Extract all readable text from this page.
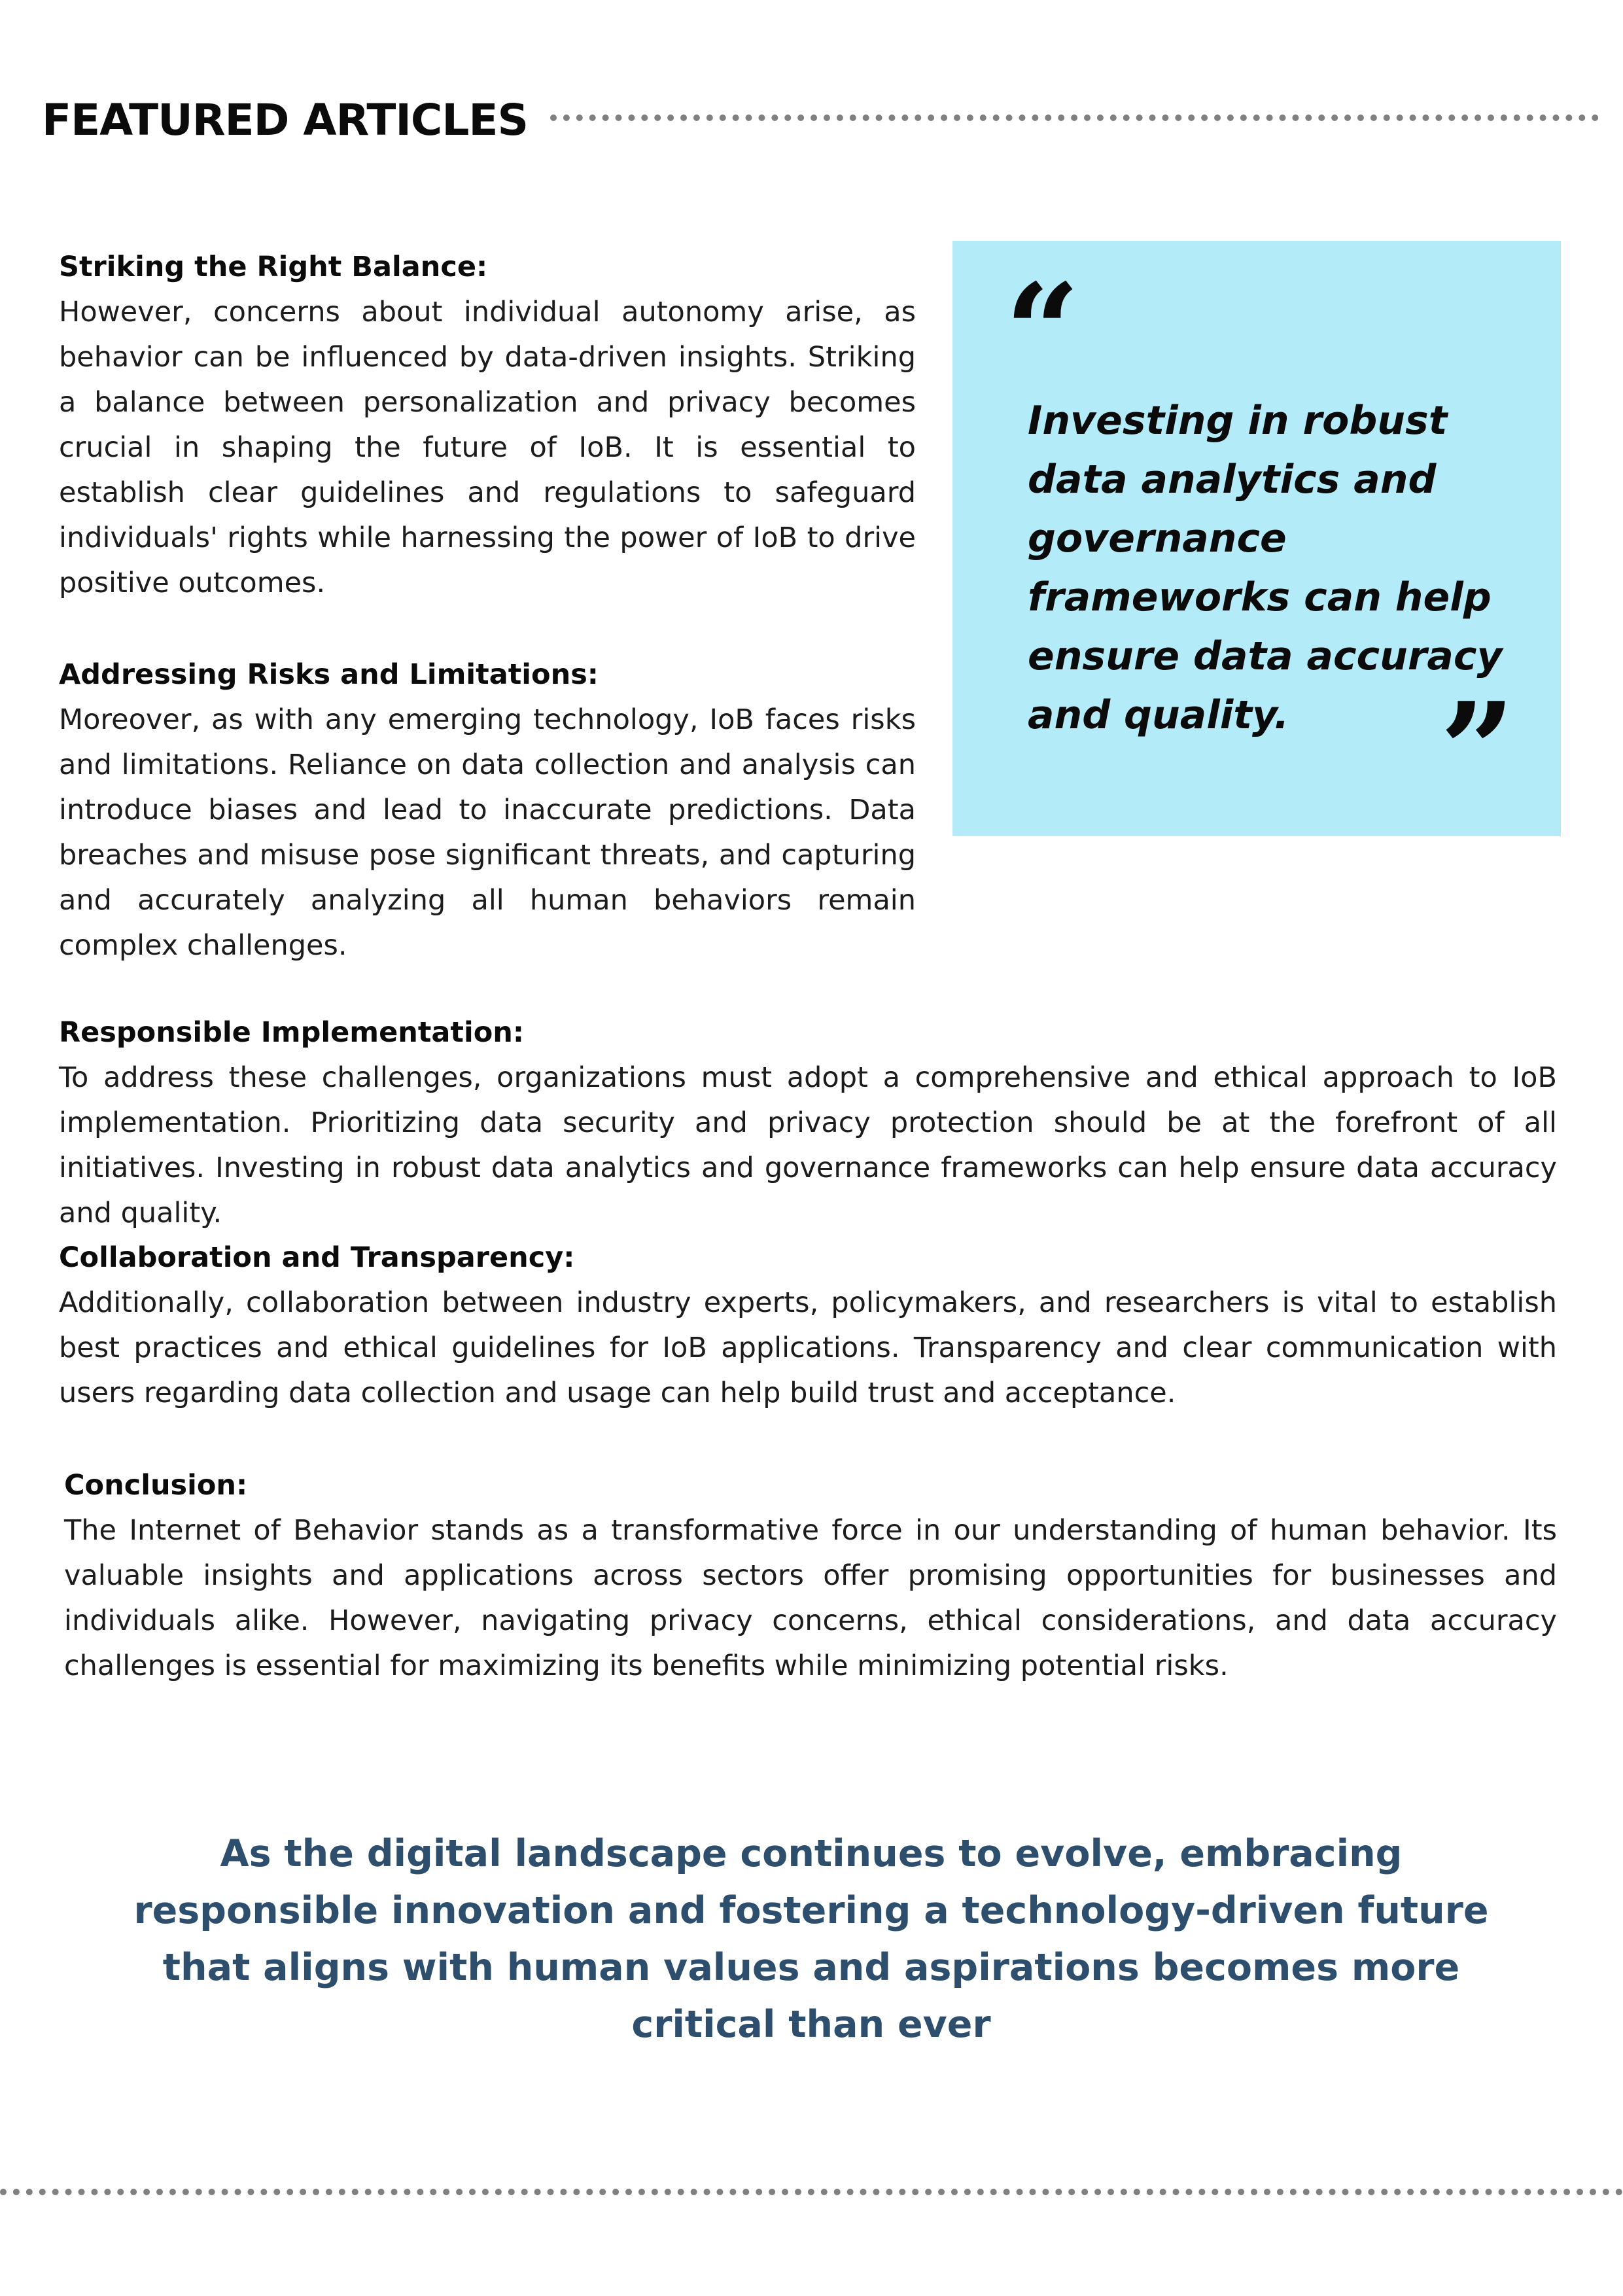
FEATURED ARTICLES

Striking the Right Balance:

However, concerns about individual autonomy arise, as behavior can be influenced by data-driven insights. Striking a balance between personalization and privacy becomes crucial in shaping the future of IoB. It is essential to establish clear guidelines and regulations to safeguard individuals' rights while harnessing the power of IoB to drive positive outcomes.

Addressing Risks and Limitations:

Moreover, as with any emerging technology, IoB faces risks and limitations. Reliance on data collection and analysis can introduce biases and lead to inaccurate predictions. Data breaches and misuse pose significant threats, and capturing and accurately analyzing all human behaviors remain complex challenges.

“

Investing in robust data analytics and governance frameworks can help ensure data accuracy and quality.	”

Responsible Implementation:

To address these challenges, organizations must adopt a comprehensive and ethical approach to IoB implementation. Prioritizing data security and privacy protection should be at the forefront of all initiatives. Investing in robust data analytics and governance frameworks can help ensure data accuracy and quality.

Collaboration and Transparency:

Additionally, collaboration between industry experts, policymakers, and researchers is vital to establish best practices and ethical guidelines for IoB applications. Transparency and clear communication with users regarding data collection and usage can help build trust and acceptance.

Conclusion:

The Internet of Behavior stands as a transformative force in our understanding of human behavior. Its valuable insights and applications across sectors offer promising opportunities for businesses and individuals alike. However, navigating privacy concerns, ethical considerations, and data accuracy challenges is essential for maximizing its benefits while minimizing potential risks.

As the digital landscape continues to evolve, embracing responsible innovation and fostering a technology-driven future that aligns with human values and aspirations becomes more critical than ever
